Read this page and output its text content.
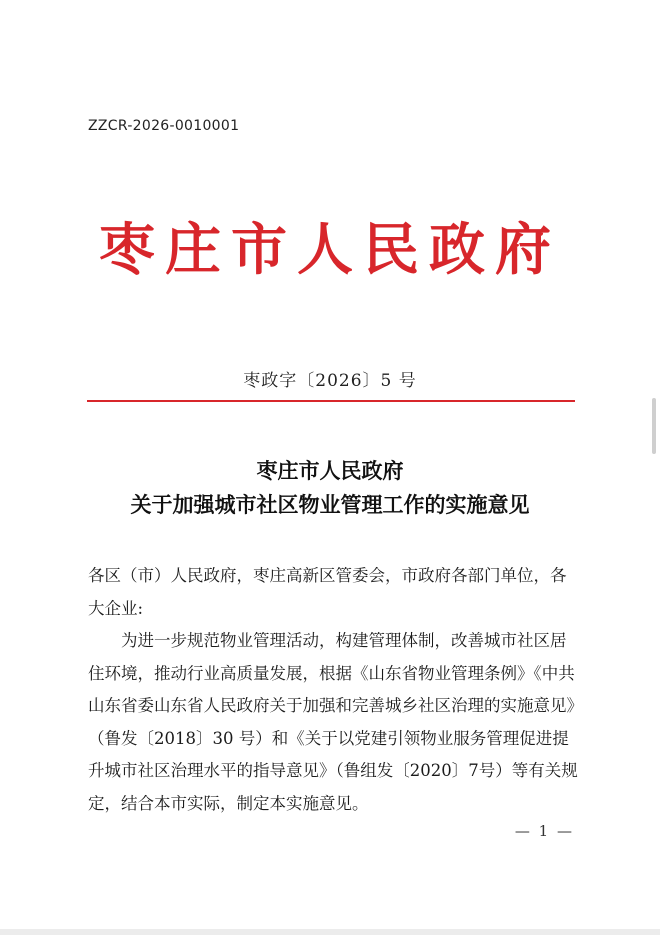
ZZCR-2026-0010001
枣庄市人民政府
枣政字〔2026〕5 号
枣庄市人民政府
关于加强城市社区物业管理工作的实施意见

各区（市）人民政府，枣庄高新区管委会，市政府各部门单位，各大企业:

为进一步规范物业管理活动，构建管理体制，改善城市社区居住环境，推动行业高质量发展，根据《山东省物业管理条例》《中共山东省委山东省人民政府关于加强和完善城乡社区治理的实施意见》（鲁发〔2018〕30 号）和《关于以党建引领物业服务管理促进提升城市社区治理水平的指导意见》（鲁组发〔2020〕7号）等有关规定，结合本市实际，制定本实施意见。

— 1 —
